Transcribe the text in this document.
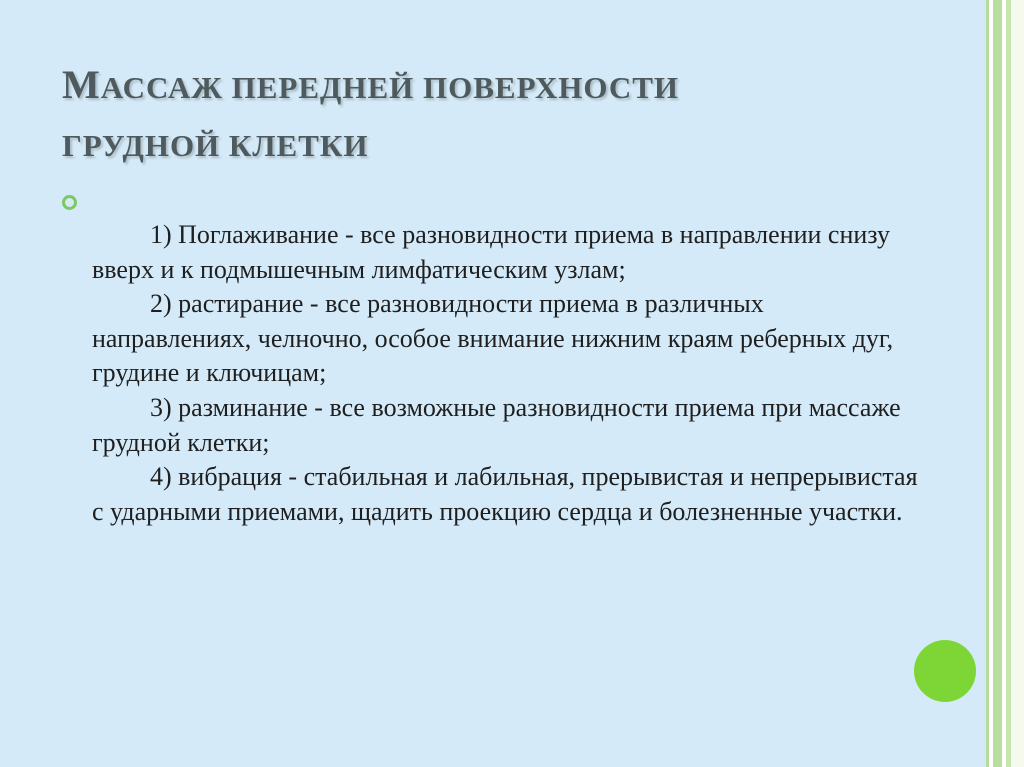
МАССАЖ ПЕРЕДНЕЙ ПОВЕРХНОСТИ
ГРУДНОЙ КЛЕТКИ
1) Поглаживание - все разновидности приема в направлении снизу вверх и к подмышечным лимфатическим узлам;
2) растирание - все разновидности приема в различных направлениях, челночно, особое внимание нижним краям реберных дуг, грудине и ключицам;
3) разминание - все возможные разновидности приема при массаже грудной клетки;
4) вибрация - стабильная и лабильная, прерывистая и непрерывистая с ударными приемами, щадить проекцию сердца и болезненные участки.
